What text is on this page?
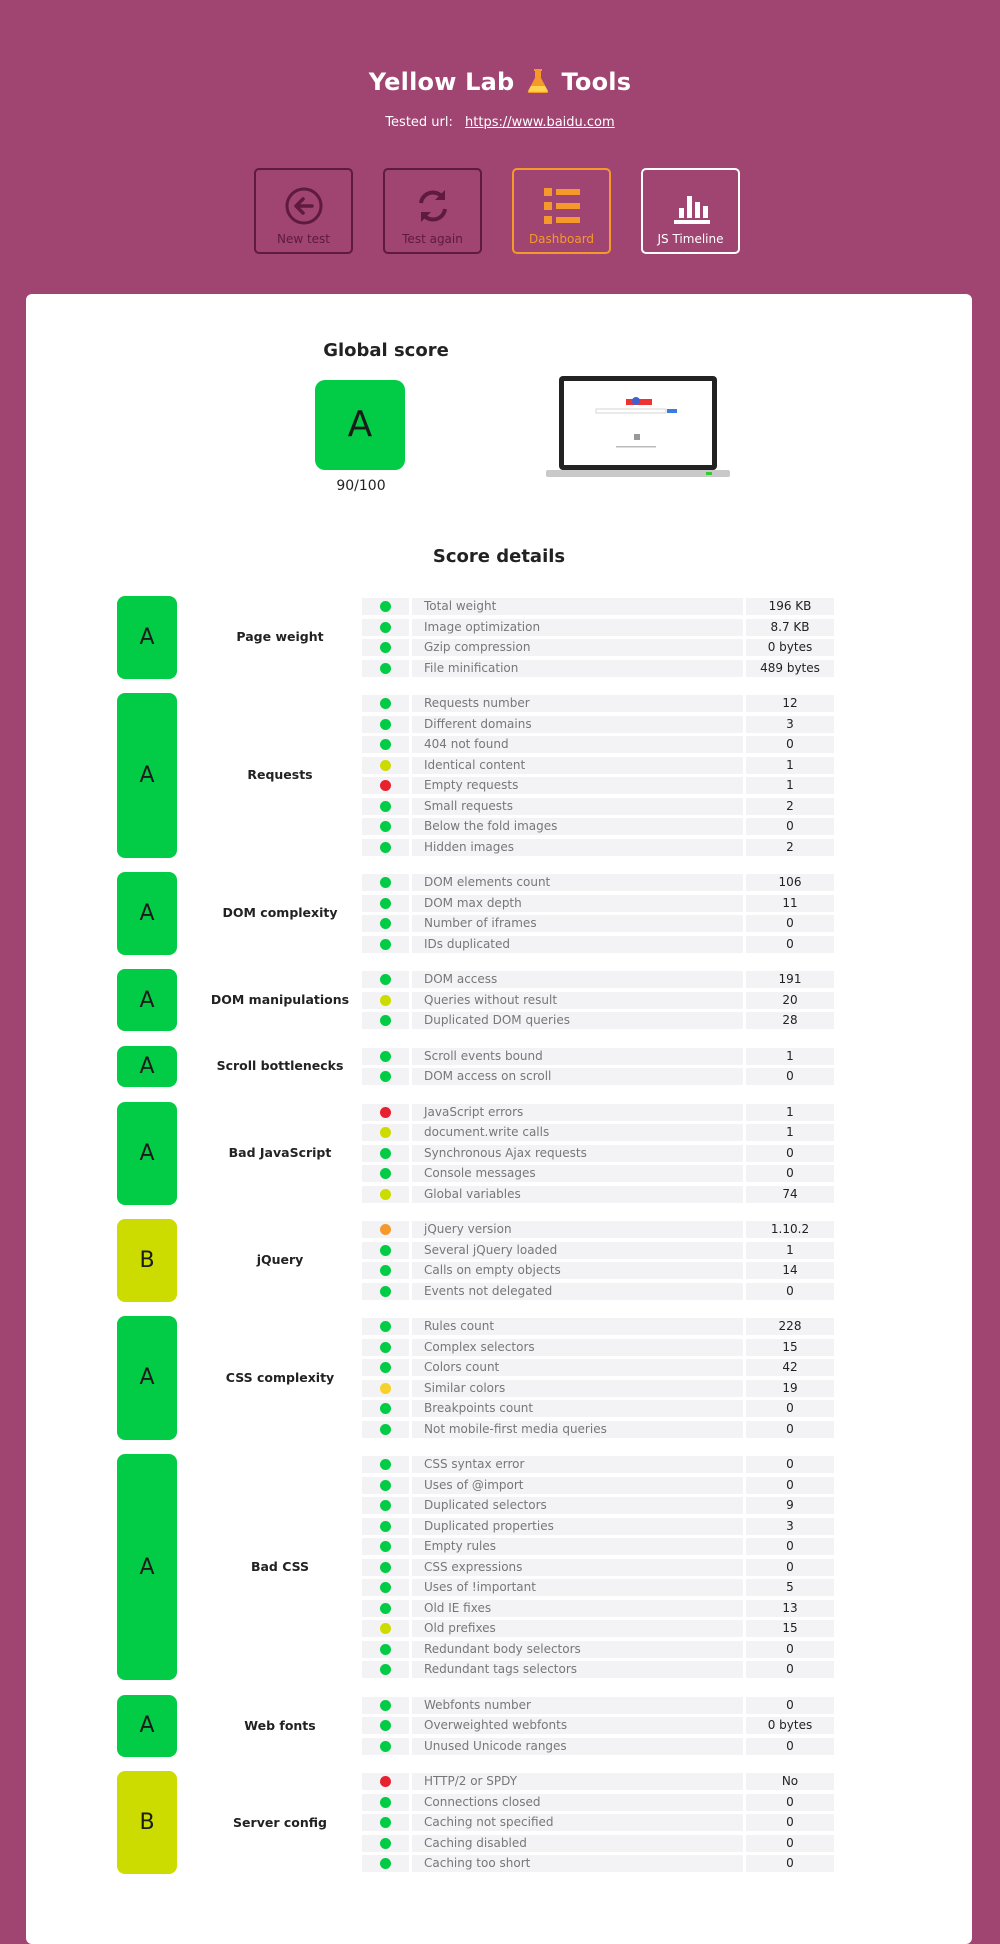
Yellow Lab Tools
Tested url: https://www.baidu.com
New test	Test again	Dashboard	JS Timeline
Global score
A
90/100
Score details
A	Page weight
Total weight	196 KB
Image optimization	8.7 KB
Gzip compression	0 bytes
File minification	489 bytes
A	Requests
Requests number	12
Different domains	3
404 not found	0
Identical content	1
Empty requests	1
Small requests	2
Below the fold images	0
Hidden images	2
A	DOM complexity
DOM elements count	106
DOM max depth	11
Number of iframes	0
IDs duplicated	0
A	DOM manipulations
DOM access	191
Queries without result	20
Duplicated DOM queries	28
A	Scroll bottlenecks
Scroll events bound	1
DOM access on scroll	0
A	Bad JavaScript
JavaScript errors	1
document.write calls	1
Synchronous Ajax requests	0
Console messages	0
Global variables	74
B	jQuery
jQuery version	1.10.2
Several jQuery loaded	1
Calls on empty objects	14
Events not delegated	0
A	CSS complexity
Rules count	228
Complex selectors	15
Colors count	42
Similar colors	19
Breakpoints count	0
Not mobile-first media queries	0
A	Bad CSS
CSS syntax error	0
Uses of @import	0
Duplicated selectors	9
Duplicated properties	3
Empty rules	0
CSS expressions	0
Uses of !important	5
Old IE fixes	13
Old prefixes	15
Redundant body selectors	0
Redundant tags selectors	0
A	Web fonts
Webfonts number	0
Overweighted webfonts	0 bytes
Unused Unicode ranges	0
B	Server config
HTTP/2 or SPDY	No
Connections closed	0
Caching not specified	0
Caching disabled	0
Caching too short	0
